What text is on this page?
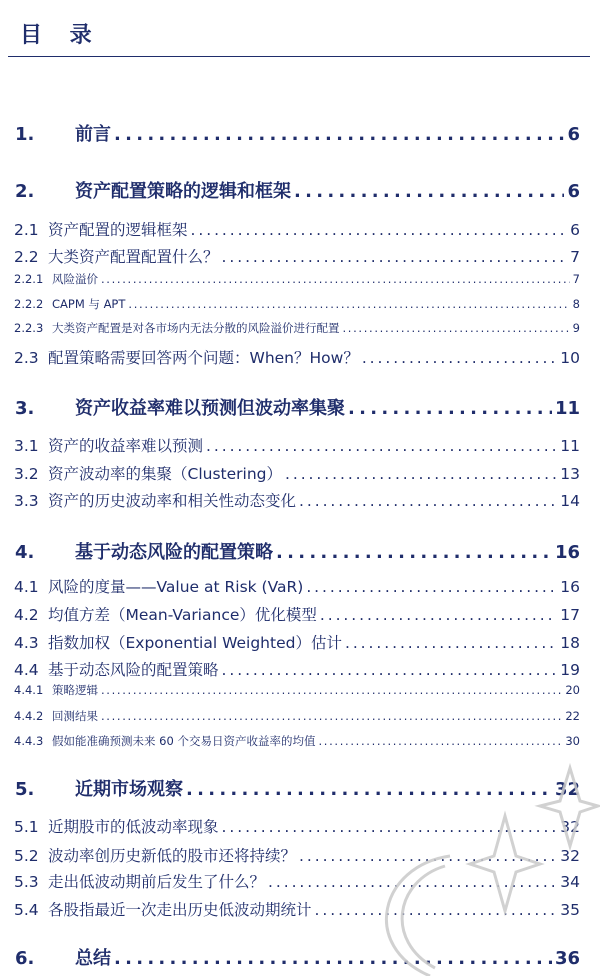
目 录
1.	前言 . . .	6
2.	资产配置策略的逻辑和框架 . . .	6
2.1 资产配置的逻辑框架 . . .	6
2.2 大类资产配置配置什么？ . . .	7
2.2.1 风险溢价 . . .	7
2.2.2 CAPM 与 APT . . .	8
2.2.3 大类资产配置是对各市场内无法分散的风险溢价进行配置 . . .	9
2.3 配置策略需要回答两个问题：When？How？ . . .	10
3.	资产收益率难以预测但波动率集聚 . . .	11
3.1 资产的收益率难以预测 . . .	11
3.2 资产波动率的集聚（Clustering） . . .	13
3.3 资产的历史波动率和相关性动态变化 . . .	14
4.	基于动态风险的配置策略 . . .	16
4.1 风险的度量——Value at Risk (VaR) . . .	16
4.2 均值方差（Mean-Variance）优化模型 . . .	17
4.3 指数加权（Exponential Weighted）估计 . . .	18
4.4 基于动态风险的配置策略 . . .	19
4.4.1 策略逻辑 . . .	20
4.4.2 回测结果 . . .	22
4.4.3 假如能准确预测未来 60 个交易日资产收益率的均值 . . .	30
5.	近期市场观察 . . .	32
5.1 近期股市的低波动率现象 . . .	32
5.2 波动率创历史新低的股市还将持续？ . . .	32
5.3 走出低波动期前后发生了什么？ . . .	34
5.4 各股指最近一次走出历史低波动期统计 . . .	35
6.	总结 . . .	36
